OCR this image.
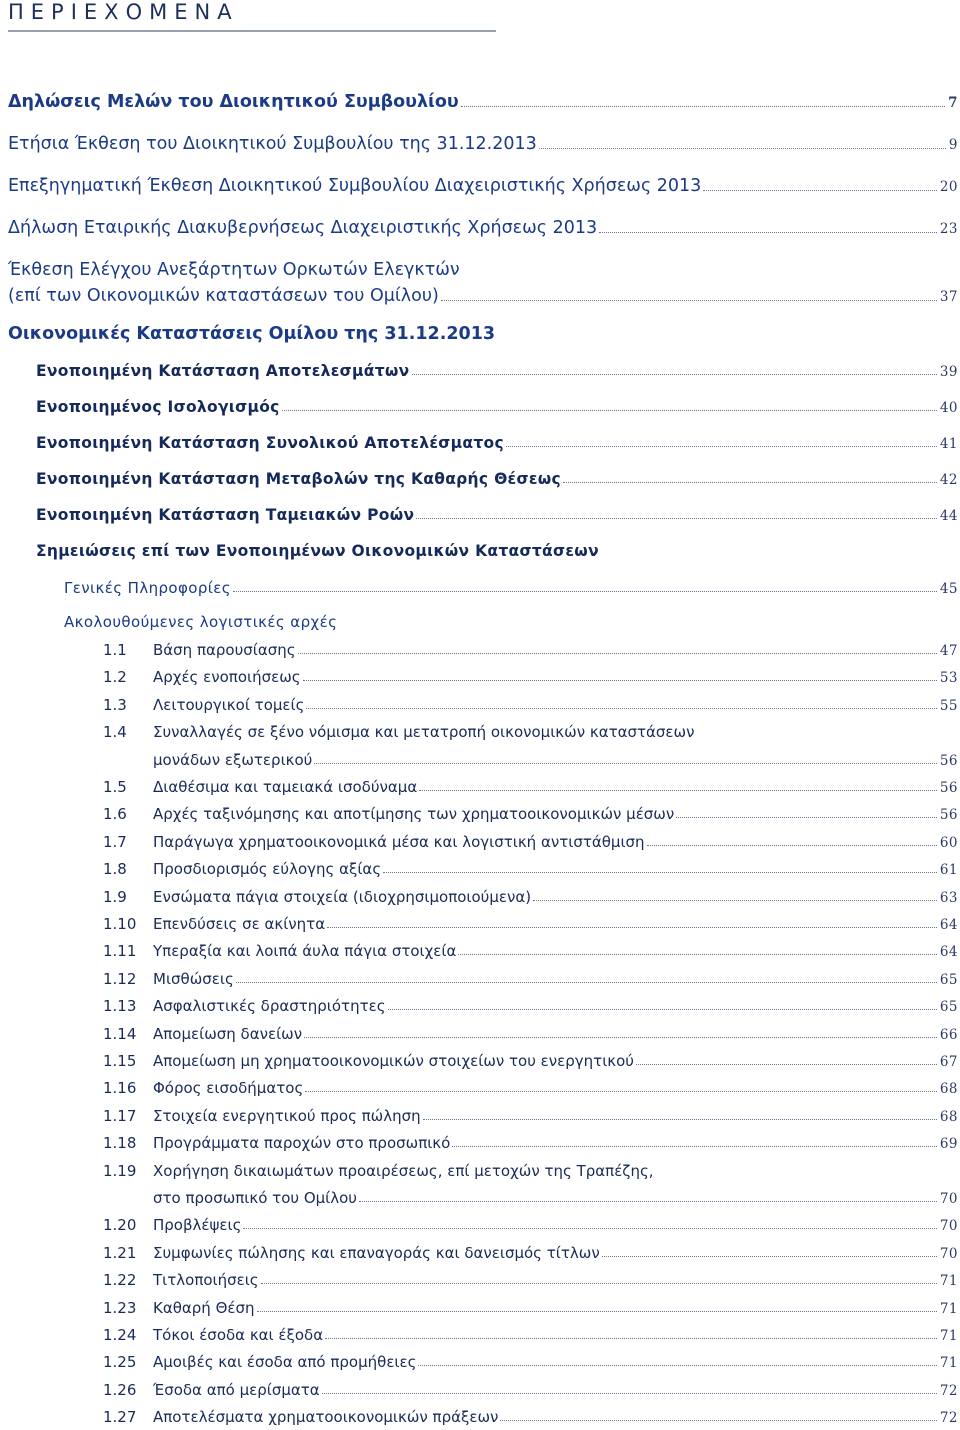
ΠΕΡΙΕΧΟΜΕΝΑ
Δηλώσεις Μελών του Διοικητικού Συμβουλίου	7
Ετήσια Έκθεση του Διοικητικού Συμβουλίου της 31.12.2013	9
Επεξηγηματική Έκθεση Διοικητικού Συμβουλίου Διαχειριστικής Χρήσεως 2013	20
Δήλωση Εταιρικής Διακυβερνήσεως Διαχειριστικής Χρήσεως 2013	23
Έκθεση Ελέγχου Ανεξάρτητων Ορκωτών Ελεγκτών
(επί των Οικονομικών καταστάσεων του Ομίλου)	37
Οικονομικές Καταστάσεις Ομίλου της 31.12.2013
Ενοποιημένη Κατάσταση Αποτελεσμάτων	39
Ενοποιημένος Ισολογισμός	40
Ενοποιημένη Κατάσταση Συνολικού Αποτελέσματος	41
Ενοποιημένη Κατάσταση Μεταβολών της Καθαρής Θέσεως	42
Ενοποιημένη Κατάσταση Ταμειακών Ροών	44
Σημειώσεις επί των Ενοποιημένων Οικονομικών Καταστάσεων
Γενικές Πληροφορίες	45
Ακολουθούμενες λογιστικές αρχές
1.1	Βάση παρουσίασης	47
1.2	Αρχές ενοποιήσεως	53
1.3	Λειτουργικοί τομείς	55
1.4 Συναλλαγές σε ξένο νόμισμα και μετατροπή οικονομικών καταστάσεων
μονάδων εξωτερικού	56
1.5	Διαθέσιμα και ταμειακά ισοδύναμα	56
1.6	Αρχές ταξινόμησης και αποτίμησης των χρηματοοικονομικών μέσων	56
1.7	Παράγωγα χρηματοοικονομικά μέσα και λογιστική αντιστάθμιση	60
1.8	Προσδιορισμός εύλογης αξίας	61
1.9	Ενσώματα πάγια στοιχεία (ιδιοχρησιμοποιούμενα)	63
1.10	Επενδύσεις σε ακίνητα	64
1.11	Υπεραξία και λοιπά άυλα πάγια στοιχεία	64
1.12	Μισθώσεις	65
1.13	Ασφαλιστικές δραστηριότητες	65
1.14	Απομείωση δανείων	66
1.15	Απομείωση μη χρηματοοικονομικών στοιχείων του ενεργητικού	67
1.16	Φόρος εισοδήματος	68
1.17	Στοιχεία ενεργητικού προς πώληση	68
1.18	Προγράμματα παροχών στο προσωπικό	69
1.19 Χορήγηση δικαιωμάτων προαιρέσεως, επί μετοχών της Τραπέζης,
στο προσωπικό του Ομίλου	70
1.20	Προβλέψεις	70
1.21	Συμφωνίες πώλησης και επαναγοράς και δανεισμός τίτλων	70
1.22	Τιτλοποιήσεις	71
1.23	Καθαρή Θέση	71
1.24	Τόκοι έσοδα και έξοδα	71
1.25	Αμοιβές και έσοδα από προμήθειες	71
1.26	Έσοδα από μερίσματα	72
1.27	Αποτελέσματα χρηματοοικονομικών πράξεων	72
